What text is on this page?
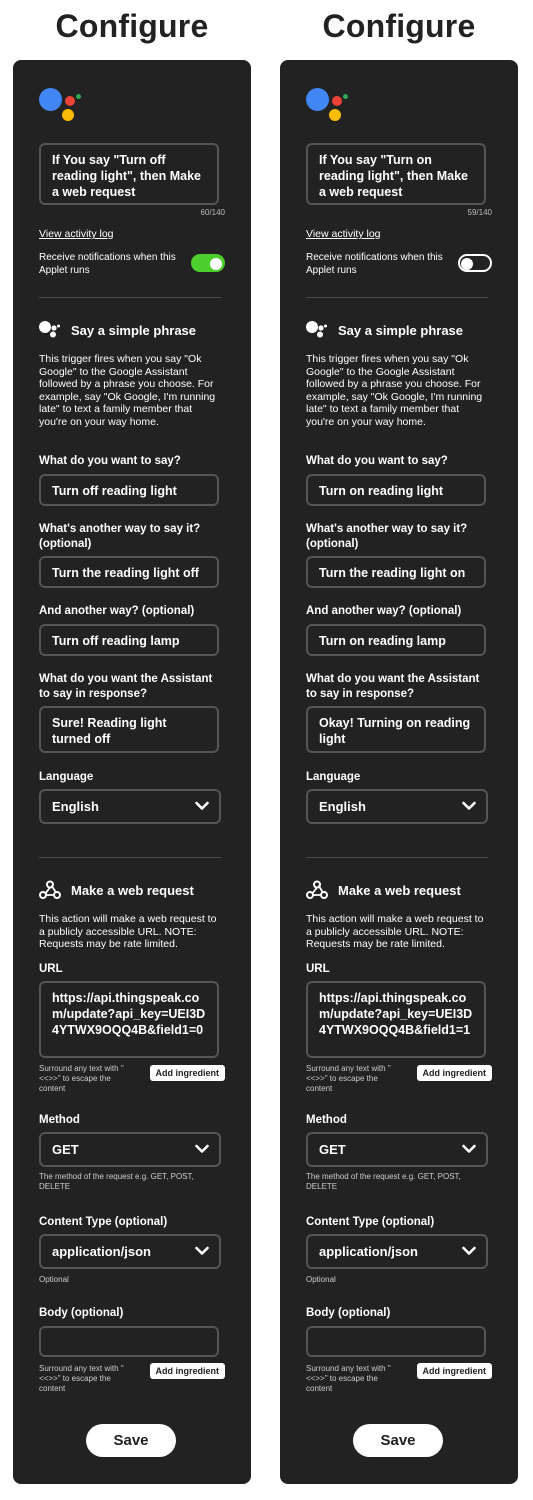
Configure
If You say "Turn off reading light", then Make a web request
60/140
View activity log
Receive notifications when this Applet runs
Say a simple phrase
This trigger fires when you say "Ok Google" to the Google Assistant followed by a phrase you choose. For example, say "Ok Google, I'm running late" to text a family member that you're on your way home.
What do you want to say?
Turn off reading light
What's another way to say it? (optional)
Turn the reading light off
And another way? (optional)
Turn off reading lamp
What do you want the Assistant to say in response?
Sure! Reading light turned off
Language
English
Make a web request
This action will make a web request to a publicly accessible URL. NOTE: Requests may be rate limited.
URL
https://api.thingspeak.com/update?api_key=UEI3D4YTWX9OQQ4B&field1=0
Surround any text with "<<>>" to escape the content
Add ingredient
Method
GET
The method of the request e.g. GET, POST, DELETE
Content Type (optional)
application/json
Optional
Body (optional)
Surround any text with "<<>>" to escape the content
Add ingredient
Save
Configure
If You say "Turn on reading light", then Make a web request
59/140
View activity log
Receive notifications when this Applet runs
Say a simple phrase
This trigger fires when you say "Ok Google" to the Google Assistant followed by a phrase you choose. For example, say "Ok Google, I'm running late" to text a family member that you're on your way home.
What do you want to say?
Turn on reading light
What's another way to say it? (optional)
Turn the reading light on
And another way? (optional)
Turn on reading lamp
What do you want the Assistant to say in response?
Okay! Turning on reading light
Language
English
Make a web request
This action will make a web request to a publicly accessible URL. NOTE: Requests may be rate limited.
URL
https://api.thingspeak.com/update?api_key=UEI3D4YTWX9OQQ4B&field1=1
Surround any text with "<<>>" to escape the content
Add ingredient
Method
GET
The method of the request e.g. GET, POST, DELETE
Content Type (optional)
application/json
Optional
Body (optional)
Surround any text with "<<>>" to escape the content
Add ingredient
Save
